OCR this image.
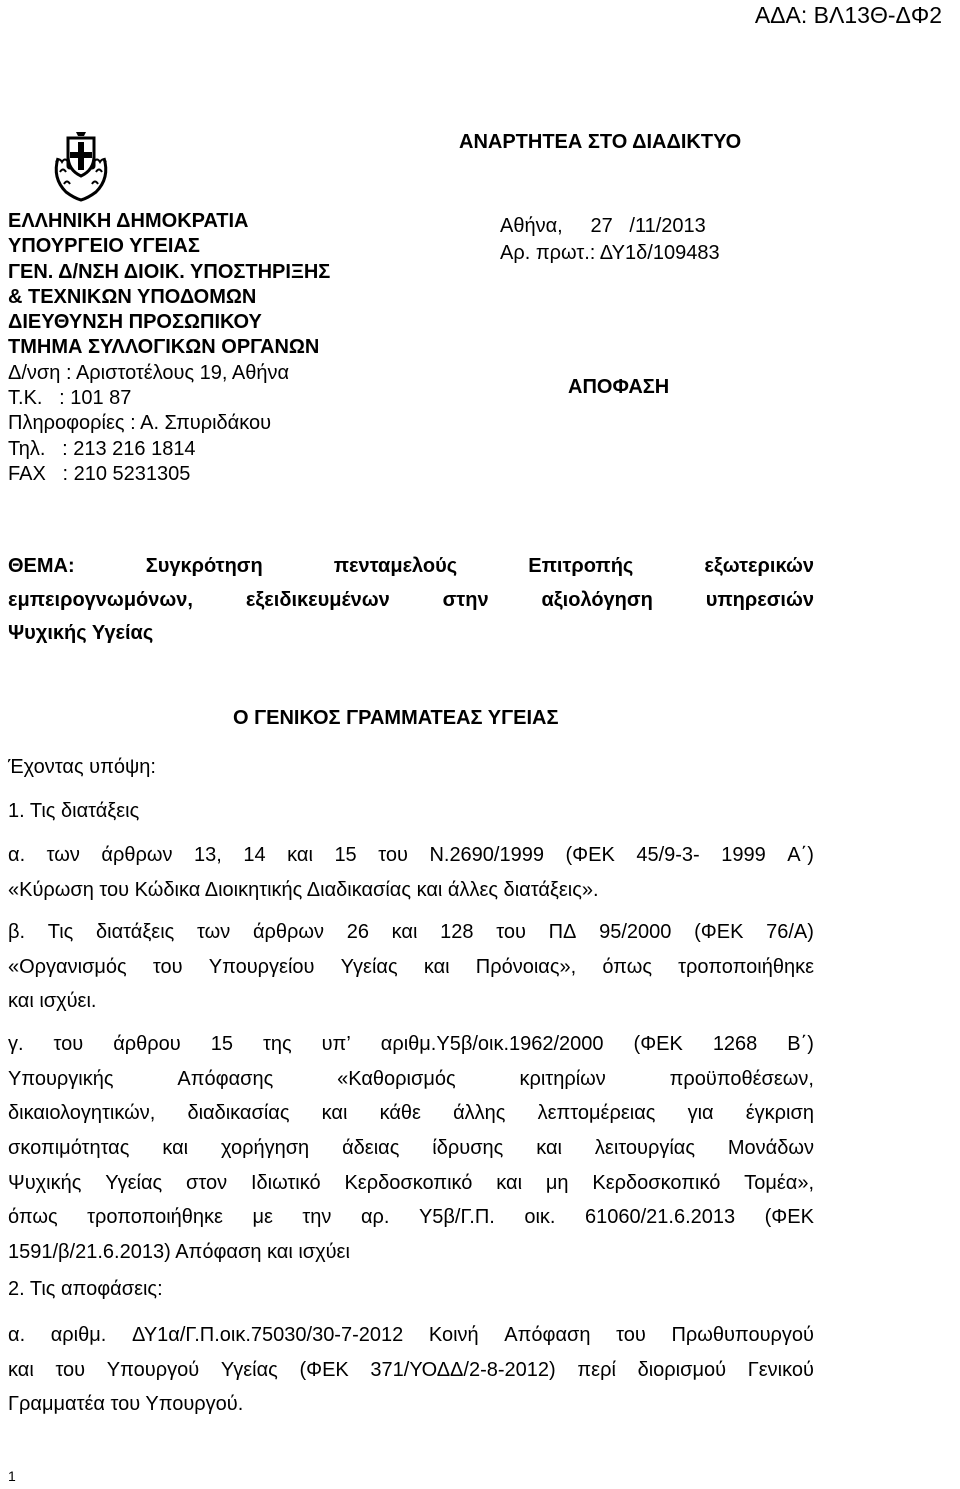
ΑΔΑ: ΒΛ13Θ-ΔΦ2
ΑΝΑΡΤΗΤΕΑ ΣΤΟ ΔΙΑΔΙΚΤΥΟ
ΕΛΛΗΝΙΚΗ ΔΗΜΟΚΡΑΤΙΑ
ΥΠΟΥΡΓΕΙΟ ΥΓΕΙΑΣ
ΓΕΝ. Δ/ΝΣΗ ΔΙΟΙΚ. ΥΠΟΣΤΗΡΙΞΗΣ
& ΤΕΧΝΙΚΩΝ ΥΠΟΔΟΜΩΝ
ΔΙΕΥΘΥΝΣΗ ΠΡΟΣΩΠΙΚΟΥ
ΤΜΗΜΑ ΣΥΛΛΟΓΙΚΩΝ ΟΡΓΑΝΩΝ
Δ/νση : Αριστοτέλους 19, Αθήνα
Τ.Κ.   : 101 87
Πληροφορίες : Α. Σπυριδάκου
Τηλ.   : 213 216 1814
FAX   : 210 5231305
Αθήνα,     27   /11/2013
Αρ. πρωτ.: ΔΥ1δ/109483
ΑΠΟΦΑΣΗ
ΘΕΜΑ:	Συγκρότηση	πενταμελούς	Επιτροπής	εξωτερικών
εμπειρογνωμόνων,	εξειδικευμένων	στην	αξιολόγηση	υπηρεσιών
Ψυχικής Υγείας
Ο ΓΕΝΙΚΟΣ ΓΡΑΜΜΑΤΕΑΣ ΥΓΕΙΑΣ
Έχοντας υπόψη:
1. Τις διατάξεις
α. των άρθρων 13, 14 και 15 του Ν.2690/1999 (ΦΕΚ 45/9-3- 1999 Α΄)
«Κύρωση του Κώδικα Διοικητικής Διαδικασίας και άλλες διατάξεις».
β. Τις διατάξεις των άρθρων 26 και 128 του ΠΔ 95/2000 (ΦΕΚ 76/Α)
«Οργανισμός του Υπουργείου Υγείας και Πρόνοιας», όπως τροποποιήθηκε
και ισχύει.
γ. του άρθρου 15 της υπ’ αριθμ.Υ5β/οικ.1962/2000 (ΦΕΚ 1268 Β΄)
Υπουργικής	Απόφασης	«Καθορισμός	κριτηρίων	προϋποθέσεων,
δικαιολογητικών, διαδικασίας και κάθε άλλης λεπτομέρειας για έγκριση
σκοπιμότητας και χορήγηση άδειας ίδρυσης και λειτουργίας Μονάδων
Ψυχικής Υγείας στον Ιδιωτικό Κερδοσκοπικό και μη Κερδοσκοπικό Τομέα»,
όπως τροποποιήθηκε με την αρ. Υ5β/Γ.Π. οικ. 61060/21.6.2013 (ΦΕΚ
1591/β/21.6.2013) Απόφαση και ισχύει
2. Τις αποφάσεις:
α. αριθμ. ΔΥ1α/Γ.Π.οικ.75030/30-7-2012 Κοινή Απόφαση του Πρωθυπουργού
και του Υπουργού Υγείας (ΦΕΚ 371/ΥΟΔΔ/2-8-2012) περί διορισμού Γενικού
Γραμματέα του Υπουργού.
1
